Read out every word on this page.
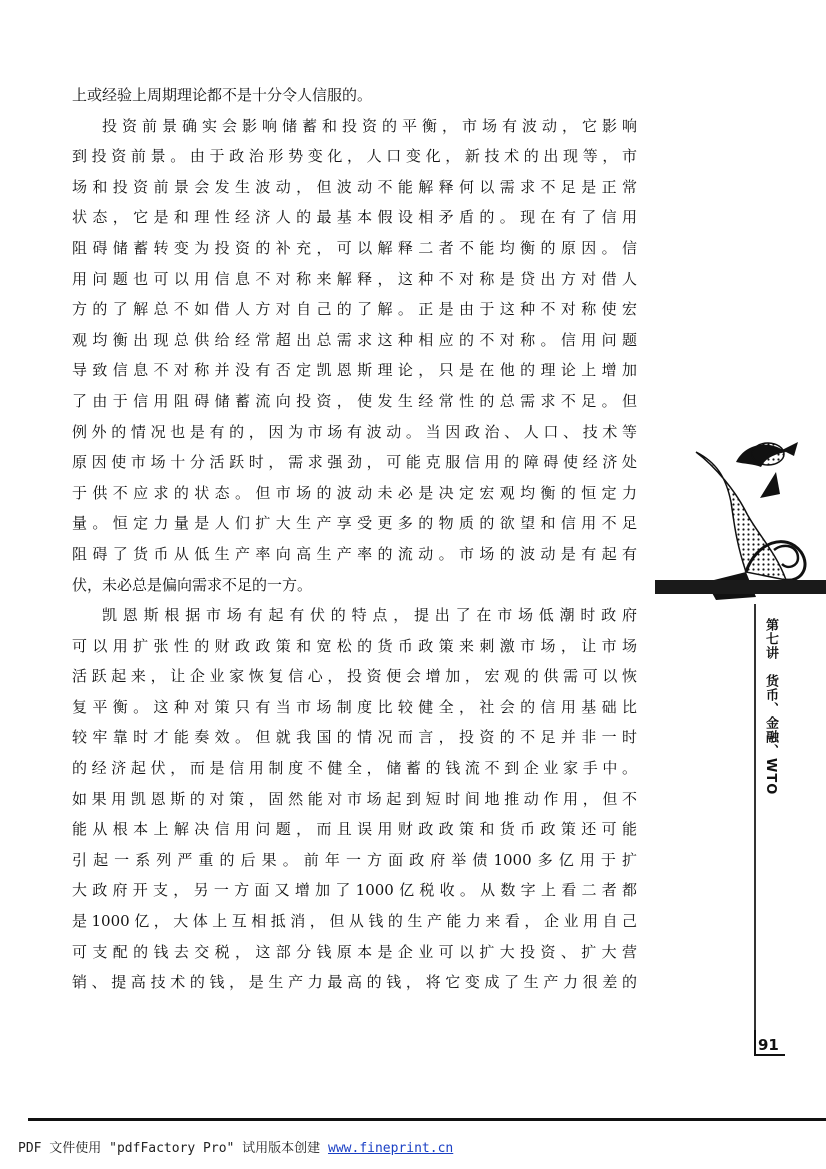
上或经验上周期理论都不是十分令人信服的。
投资前景确实会影响储蓄和投资的平衡，市场有波动，它影响
到投资前景。由于政治形势变化，人口变化，新技术的出现等，市
场和投资前景会发生波动，但波动不能解释何以需求不足是正常
状态，它是和理性经济人的最基本假设相矛盾的。现在有了信用
阻碍储蓄转变为投资的补充，可以解释二者不能均衡的原因。信
用问题也可以用信息不对称来解释，这种不对称是贷出方对借人
方的了解总不如借人方对自己的了解。正是由于这种不对称使宏
观均衡出现总供给经常超出总需求这种相应的不对称。信用问题
导致信息不对称并没有否定凯恩斯理论，只是在他的理论上增加
了由于信用阻碍储蓄流向投资，使发生经常性的总需求不足。但
例外的情况也是有的，因为市场有波动。当因政治、人口、技术等
原因使市场十分活跃时，需求强劲，可能克服信用的障碍使经济处
于供不应求的状态。但市场的波动未必是决定宏观均衡的恒定力
量。恒定力量是人们扩大生产享受更多的物质的欲望和信用不足
阻碍了货币从低生产率向高生产率的流动。市场的波动是有起有
伏，未必总是偏向需求不足的一方。
凯恩斯根据市场有起有伏的特点，提出了在市场低潮时政府
可以用扩张性的财政政策和宽松的货币政策来刺激市场，让市场
活跃起来，让企业家恢复信心，投资便会增加，宏观的供需可以恢
复平衡。这种对策只有当市场制度比较健全，社会的信用基础比
较牢靠时才能奏效。但就我国的情况而言，投资的不足并非一时
的经济起伏，而是信用制度不健全，储蓄的钱流不到企业家手中。
如果用凯恩斯的对策，固然能对市场起到短时间地推动作用，但不
能从根本上解决信用问题，而且误用财政政策和货币政策还可能
引起一系列严重的后果。前年一方面政府举债1000多亿用于扩
大政府开支，另一方面又增加了1000亿税收。从数字上看二者都
是1000亿，大体上互相抵消，但从钱的生产能力来看，企业用自己
可支配的钱去交税，这部分钱原本是企业可以扩大投资、扩大营
销、提高技术的钱，是生产力最高的钱，将它变成了生产力很差的
第七讲　货币、金融、WTO
91
PDF 文件使用 "pdfFactory Pro" 试用版本创建 www.fineprint.cn
